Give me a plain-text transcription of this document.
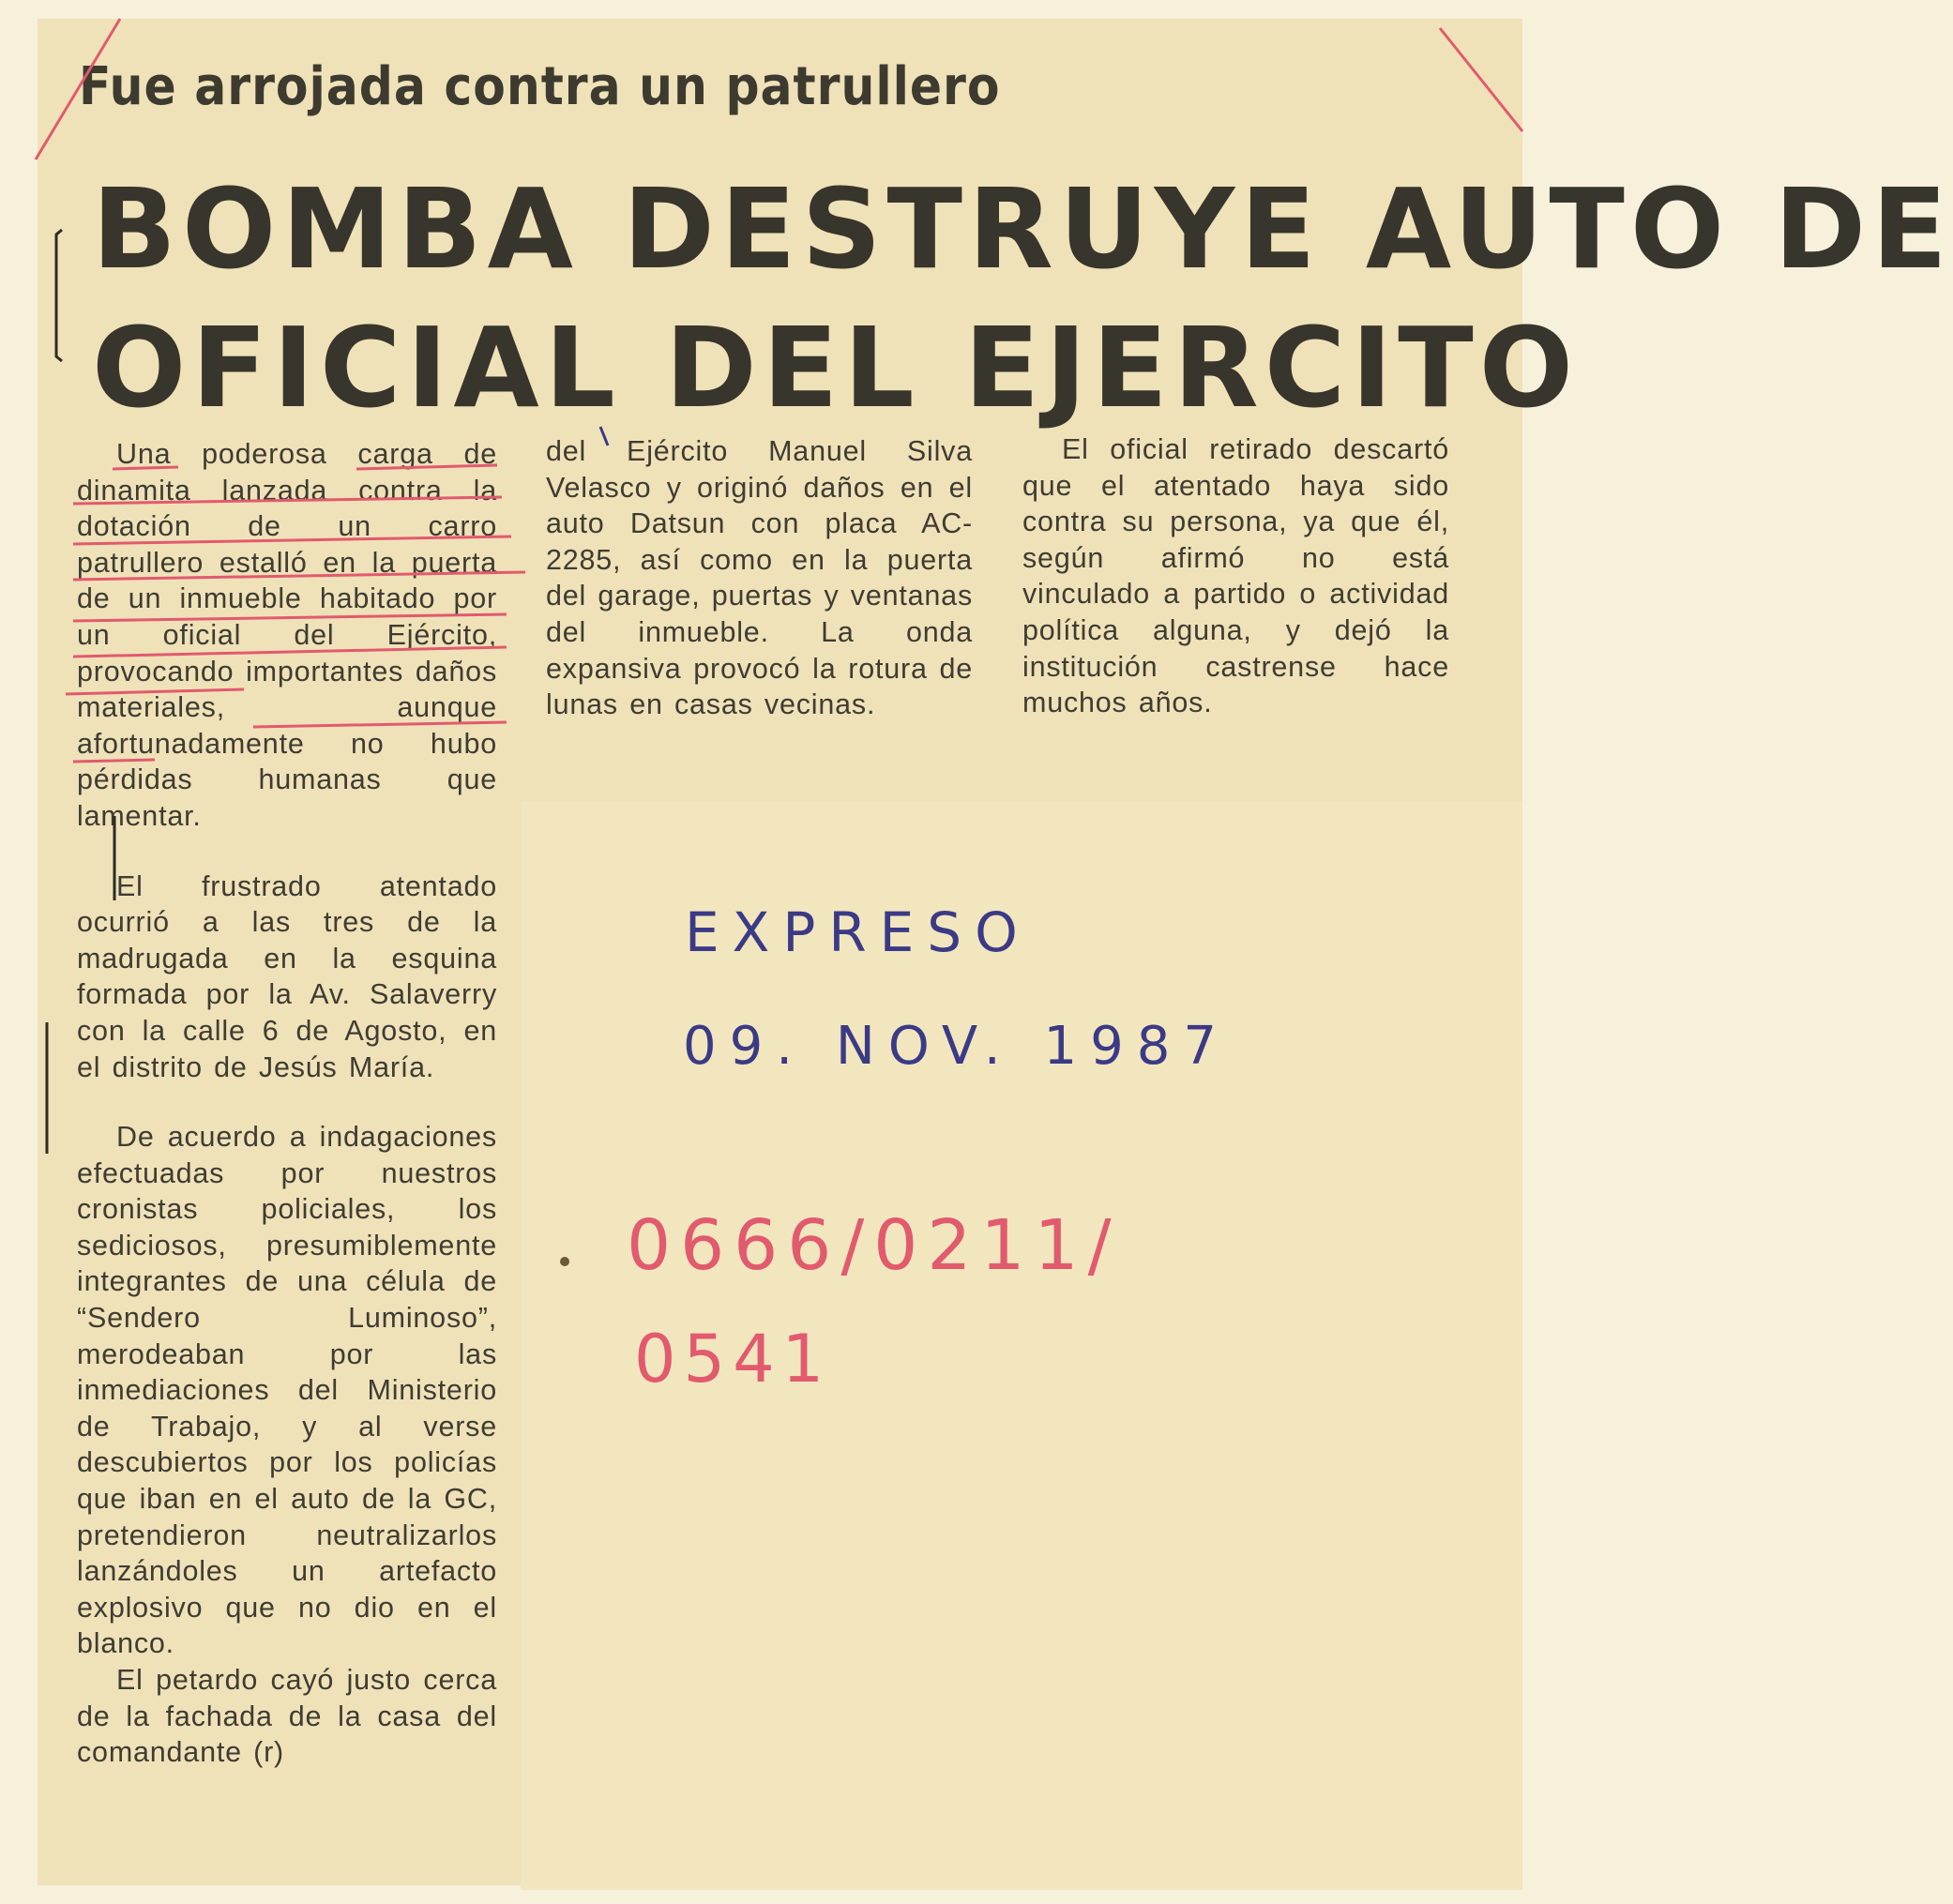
Fue arrojada contra un patrullero
BOMBA DESTRUYE AUTO DE
OFICIAL DEL EJERCITO

Una poderosa carga de dinamita lanzada contra la dotación de un carro patrullero estalló en la puerta de un inmueble habitado por un oficial del Ejército, provocando importantes daños materiales, aunque afortunadamente no hubo pérdidas humanas que lamentar.

El frustrado atentado ocurrió a las tres de la madrugada en la esquina formada por la Av. Salaverry con la calle 6 de Agosto, en el distrito de Jesús María.

De acuerdo a indagaciones efectuadas por nuestros cronistas policiales, los sediciosos, presumiblemente integrantes de una célula de “Sendero Luminoso”, merodeaban por las inmediaciones del Ministerio de Trabajo, y al verse descubiertos por los policías que iban en el auto de la GC, pretendieron neutralizarlos lanzándoles un artefacto explosivo que no dio en el blanco.

El petardo cayó justo cerca de la fachada de la casa del comandante (r)

del Ejército Manuel Silva Velasco y originó daños en el auto Datsun con placa AC-2285, así como en la puerta del garage, puertas y ventanas del inmueble. La onda expansiva provocó la rotura de lunas en casas vecinas.

El oficial retirado descartó que el atentado haya sido contra su persona, ya que él, según afirmó no está vinculado a partido o actividad política alguna, y dejó la institución castrense hace muchos años.

EXPRESO
09. NOV. 1987
0666/0211/
0541
